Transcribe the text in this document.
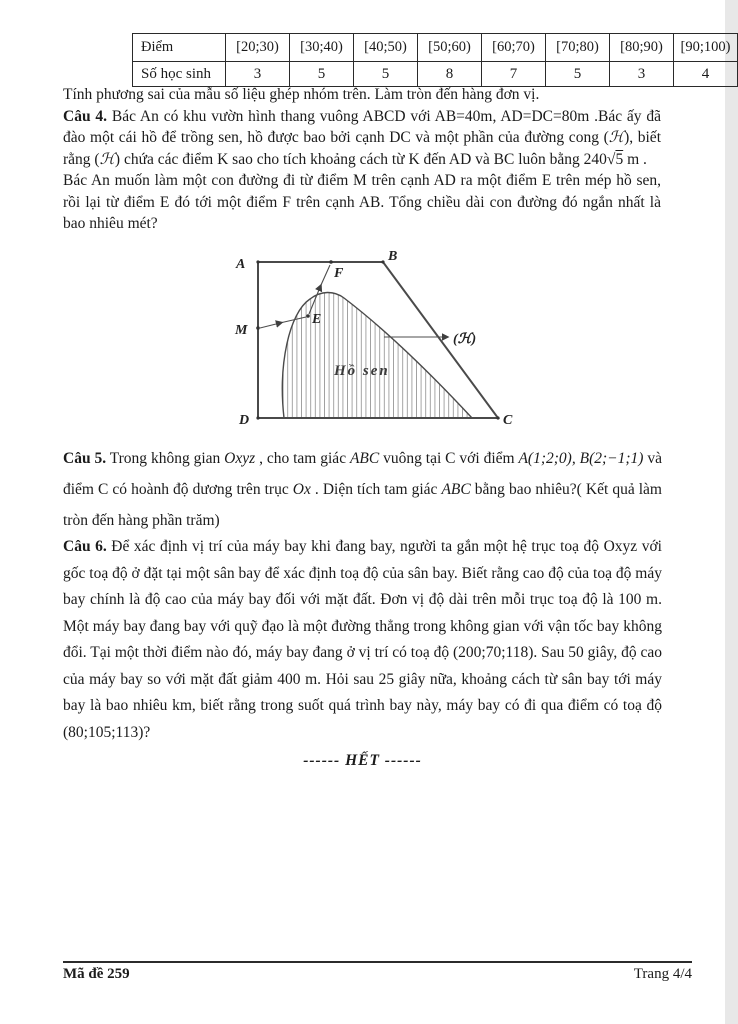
Điểm	[20;30)	[30;40)	[40;50)	[50;60)	[60;70)	[70;80)	[80;90)	[90;100)
Số học sinh	3	5	5	8	7	5	3	4

Tính phương sai của mẫu số liệu ghép nhóm trên. Làm tròn đến hàng đơn vị.

Câu 4. Bác An có khu vườn hình thang vuông ABCD với AB=40m, AD=DC=80m .Bác ấy đã đào một cái hồ để trồng sen, hồ được bao bởi cạnh DC và một phần của đường cong (ℋ), biết rằng (ℋ) chứa các điểm K sao cho tích khoảng cách từ K đến AD và BC luôn bằng 240√5 m .

Bác An muốn làm một con đường đi từ điểm M trên cạnh AD ra một điểm E trên mép hồ sen, rồi lại từ điểm E đó tới một điểm F trên cạnh AB. Tổng chiều dài con đường đó ngắn nhất là bao nhiêu mét?

A
B
C
D
M
E
F
(ℋ)
Hồ sen

Câu 5. Trong không gian Oxyz , cho tam giác ABC vuông tại C với điểm A(1;2;0), B(2;−1;1) và điểm C có hoành độ dương trên trục Ox . Diện tích tam giác ABC bằng bao nhiêu?( Kết quả làm tròn đến hàng phần trăm)

Câu 6. Để xác định vị trí của máy bay khi đang bay, người ta gắn một hệ trục toạ độ Oxyz với gốc toạ độ ở đặt tại một sân bay để xác định toạ độ của sân bay. Biết rằng cao độ của toạ độ máy bay chính là độ cao của máy bay đối với mặt đất. Đơn vị độ dài trên mỗi trục toạ độ là 100 m. Một máy bay đang bay với quỹ đạo là một đường thẳng trong không gian với vận tốc bay không đổi. Tại một thời điểm nào đó, máy bay đang ở vị trí có toạ độ (200;70;118). Sau 50 giây, độ cao của máy bay so với mặt đất giảm 400 m. Hỏi sau 25 giây nữa, khoảng cách từ sân bay tới máy bay là bao nhiêu km, biết rằng trong suốt quá trình bay này, máy bay có đi qua điểm có toạ độ (80;105;113)?

------ HẾT ------
Mã đề 259	Trang 4/4
